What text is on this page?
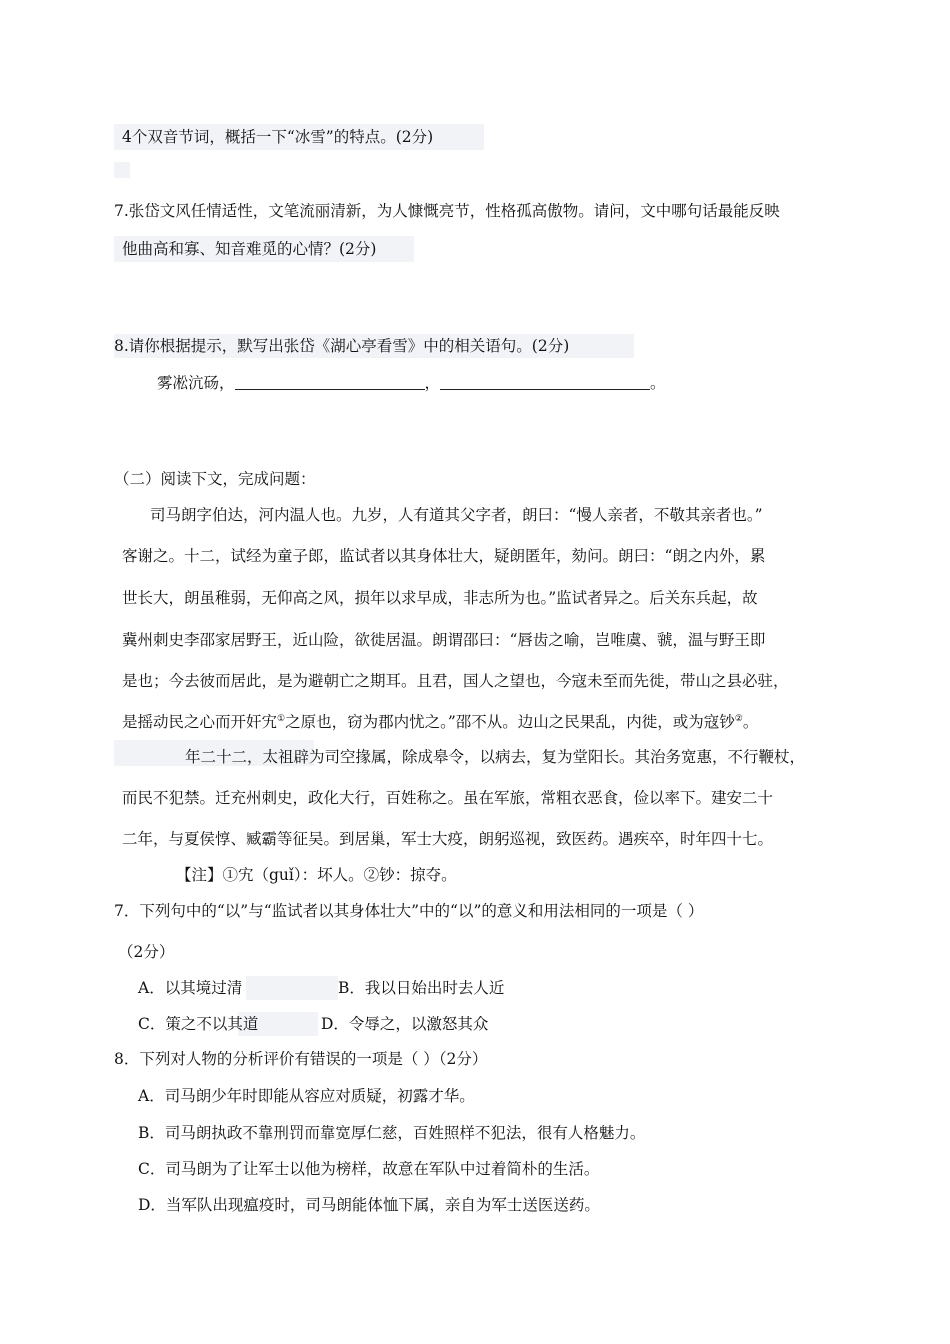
4个双音节词，概括一下“冰雪”的特点。(2分)
7.张岱文风任情适性，文笔流丽清新，为人慷慨亮节，性格孤高傲物。请问，文中哪句话最能反映
他曲高和寡、知音难觅的心情？(2分)
8.请你根据提示，默写出张岱《湖心亭看雪》中的相关语句。(2分)
雾凇沆砀，	，	。
（二）阅读下文，完成问题：
司马朗字伯达，河内温人也。九岁，人有道其父字者，朗曰：“慢人亲者，不敬其亲者也。”
客谢之。十二，试经为童子郎，监试者以其身体壮大，疑朗匿年，劾问。朗曰：“朗之内外，累
世长大，朗虽稚弱，无仰高之风，损年以求早成，非志所为也。”监试者异之。后关东兵起，故
冀州刺史李邵家居野王，近山险，欲徙居温。朗谓邵曰：“唇齿之喻，岂唯虞、虢，温与野王即
是也；今去彼而居此，是为避朝亡之期耳。且君，国人之望也，今寇未至而先徙，带山之县必驻，
是摇动民之心而开奸宄①之原也，窃为郡内忧之。”邵不从。边山之民果乱，内徙，或为寇钞②。
年二十二，太祖辟为司空掾属，除成皋令，以病去，复为堂阳长。其治务宽惠，不行鞭杖，
而民不犯禁。迁充州刺史，政化大行，百姓称之。虽在军旅，常粗衣恶食，俭以率下。建安二十
二年，与夏侯惇、臧霸等征吴。到居巢，军士大疫，朗躬巡视，致医药。遇疾卒，时年四十七。
【注】①宄（guǐ）：坏人。②钞：掠夺。
7．下列句中的“以”与“监试者以其身体壮大”中的“以”的意义和用法相同的一项是（ ）
（2分）
A．以其境过清	B．我以日始出时去人近
C．策之不以其道	D．令辱之，以激怒其众
8．下列对人物的分析评价有错误的一项是（ ）（2分）
A．司马朗少年时即能从容应对质疑，初露才华。
B．司马朗执政不靠刑罚而靠宽厚仁慈，百姓照样不犯法，很有人格魅力。
C．司马朗为了让军士以他为榜样，故意在军队中过着简朴的生活。
D．当军队出现瘟疫时，司马朗能体恤下属，亲自为军士送医送药。
